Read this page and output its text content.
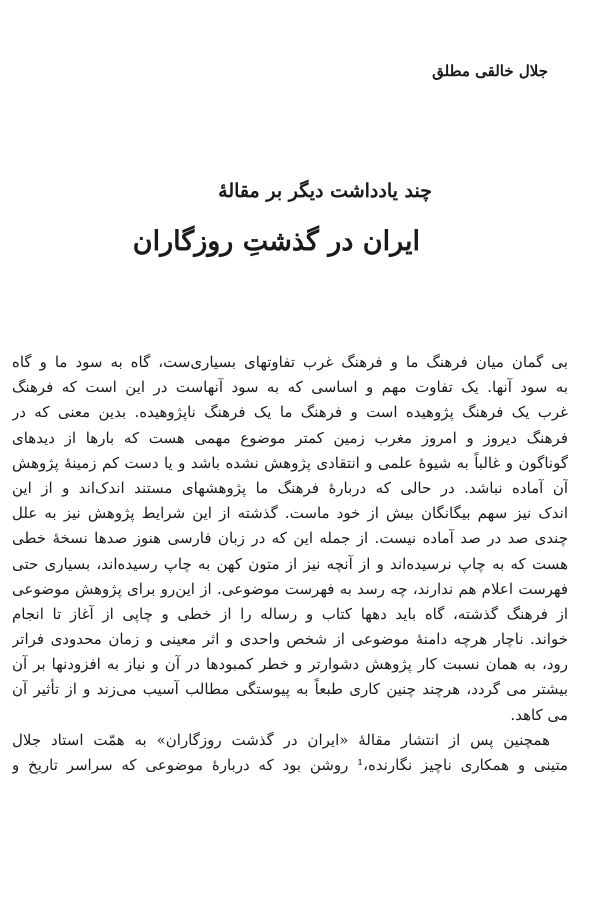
جلال خالقی مطلق
چند یادداشت دیگر بر مقالهٔ
ایران در گذشتِ روزگاران
بی گمان میان فرهنگ ما و فرهنگ غرب تفاوتهای بسیاری‌ست، گاه به سود ما و گاه
به سود آنها. یک تفاوت مهم و اساسی که به سود آنهاست در این است که فرهنگ
غرب یک فرهنگ پژوهیده است و فرهنگ ما یک فرهنگ ناپژوهیده. بدین معنی که در
فرهنگ دیروز و امروز مغرب زمین کمتر موضوع مهمی هست که بارها از دیدهای
گوناگون و غالباً به شیوهٔ علمی و انتقادی پژوهش نشده باشد و یا دست کم زمینهٔ پژوهش
آن آماده نباشد. در حالی که دربارهٔ فرهنگ ما پژوهشهای مستند اندک‌اند و از این
اندک نیز سهم بیگانگان بیش از خود ماست. گذشته از این شرایط پژوهش نیز به علل
چندی صد در صد آماده نیست. از جمله این که در زبان فارسی هنوز صدها نسخهٔ خطی
هست که به چاپ نرسیده‌اند و از آنچه نیز از متون کهن به چاپ رسیده‌اند، بسیاری حتی
فهرست اعلام هم ندارند، چه رسد به فهرست موضوعی. از این‌رو برای پژوهش موضوعی
از فرهنگ گذشته، گاه باید دهها کتاب و رساله را از خطی و چاپی از آغاز تا انجام
خواند. ناچار هرچه دامنهٔ موضوعی از شخص واحدی و اثر معینی و زمان محدودی فراتر
رود، به همان نسبت کار پژوهش دشوارتر و خطر کمبودها در آن و نیاز به افزودنها بر آن
بیشتر می گردد، هرچند چنین کاری طبعاً به پیوستگی مطالب آسیب می‌زند و از تأثیر آن
می کاهد.
همچنین پس از انتشار مقالهٔ «ایران در گذشت روزگاران» به همّت استاد جلال
متینی و همکاری ناچیز نگارنده،¹ روشن بود که دربارهٔ موضوعی که سراسر تاریخ و
